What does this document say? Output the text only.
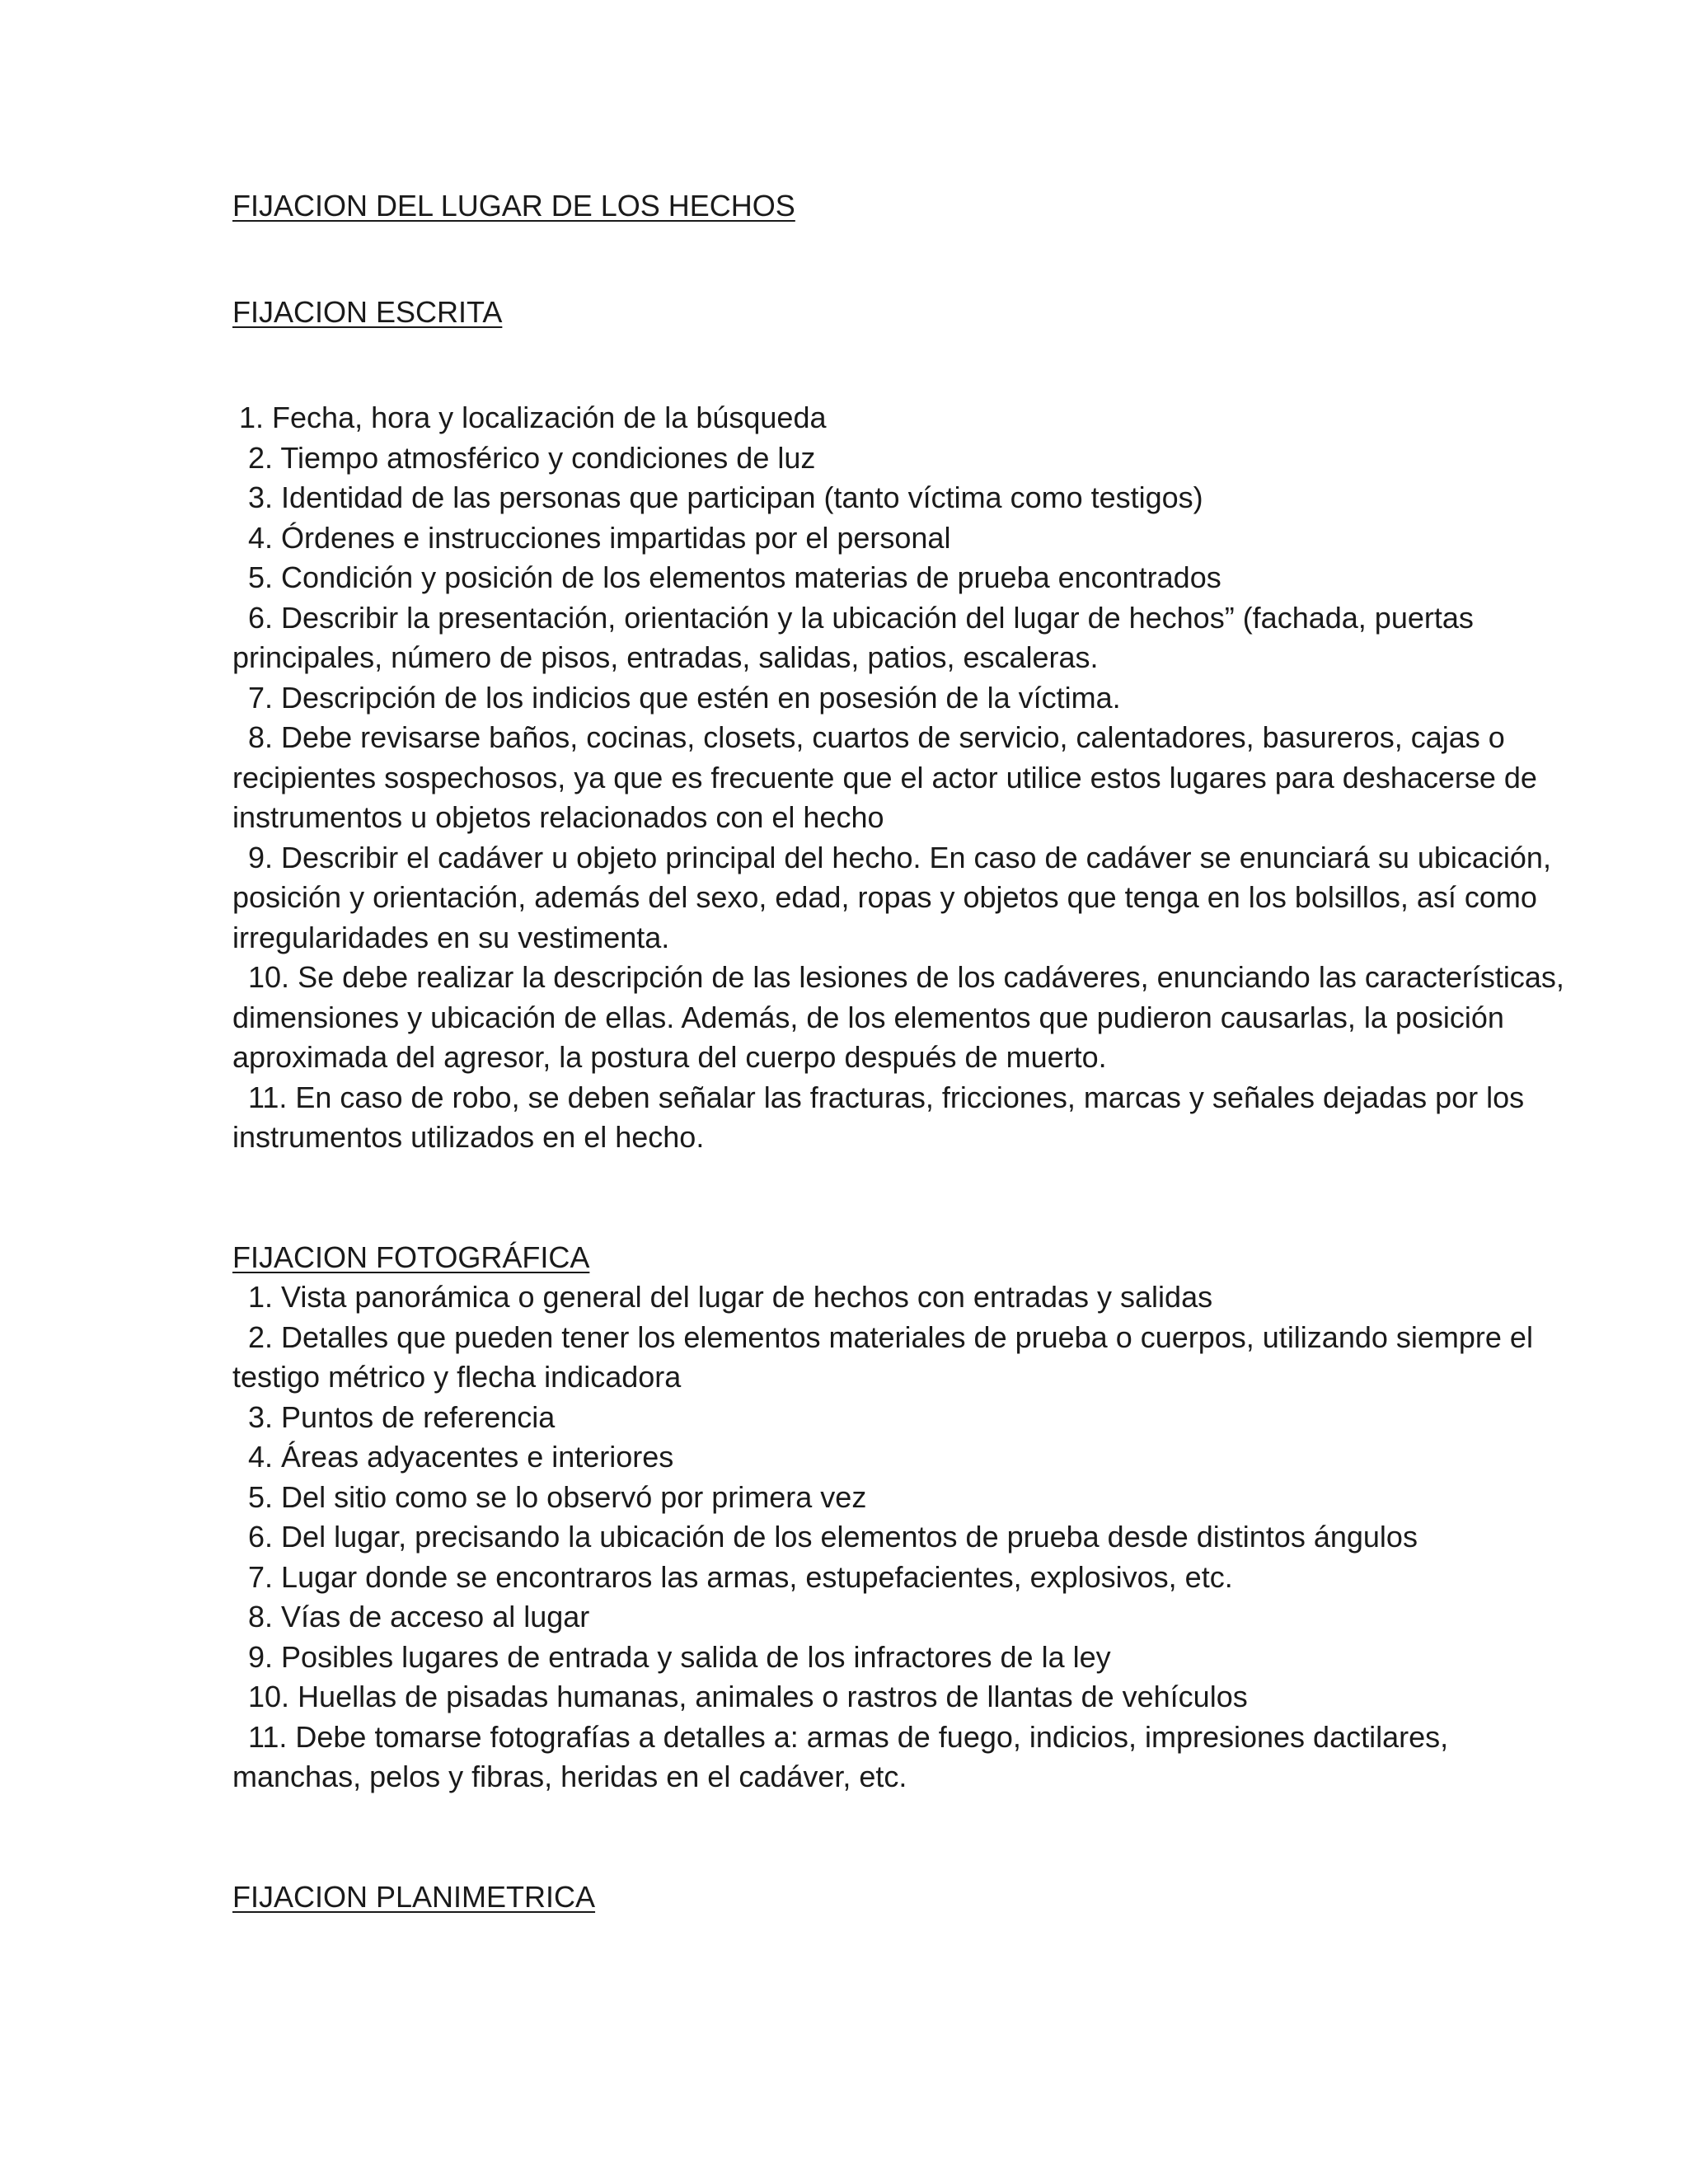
FIJACION DEL LUGAR DE LOS HECHOS
FIJACION ESCRITA

1. Fecha, hora y localización de la búsqueda

2. Tiempo atmosférico y condiciones de luz

3. Identidad de las personas que participan (tanto víctima como testigos)

4. Órdenes e instrucciones impartidas por el personal

5. Condición y posición de los elementos materias de prueba encontrados

6. Describir la presentación, orientación y la ubicación del lugar de hechos” (fachada, puertas principales, número de pisos, entradas, salidas, patios, escaleras.

7. Descripción de los indicios que estén en posesión de la víctima.

8. Debe revisarse baños, cocinas, closets, cuartos de servicio, calentadores, basureros, cajas o recipientes sospechosos, ya que es frecuente que el actor utilice estos lugares para deshacerse de instrumentos u objetos relacionados con el hecho

9. Describir el cadáver u objeto principal del hecho. En caso de cadáver se enunciará su ubicación, posición y orientación, además del sexo, edad, ropas y objetos que tenga en los bolsillos, así como irregularidades en su vestimenta.

10. Se debe realizar la descripción de las lesiones de los cadáveres, enunciando las características, dimensiones y ubicación de ellas. Además, de los elementos que pudieron causarlas, la posición aproximada del agresor, la postura del cuerpo después de muerto.

11. En caso de robo, se deben señalar las fracturas, fricciones, marcas y señales dejadas por los instrumentos utilizados en el hecho.

FIJACION FOTOGRÁFICA

1. Vista panorámica o general del lugar de hechos con entradas y salidas

2. Detalles que pueden tener los elementos materiales de prueba o cuerpos, utilizando siempre el testigo métrico y flecha indicadora

3. Puntos de referencia

4. Áreas adyacentes e interiores

5. Del sitio como se lo observó por primera vez

6. Del lugar, precisando la ubicación de los elementos de prueba desde distintos ángulos

7. Lugar donde se encontraros las armas, estupefacientes, explosivos, etc.

8. Vías de acceso al lugar

9. Posibles lugares de entrada y salida de los infractores de la ley

10. Huellas de pisadas humanas, animales o rastros de llantas de vehículos

11. Debe tomarse fotografías a detalles a: armas de fuego, indicios, impresiones dactilares, manchas, pelos y fibras, heridas en el cadáver, etc.

FIJACION PLANIMETRICA
